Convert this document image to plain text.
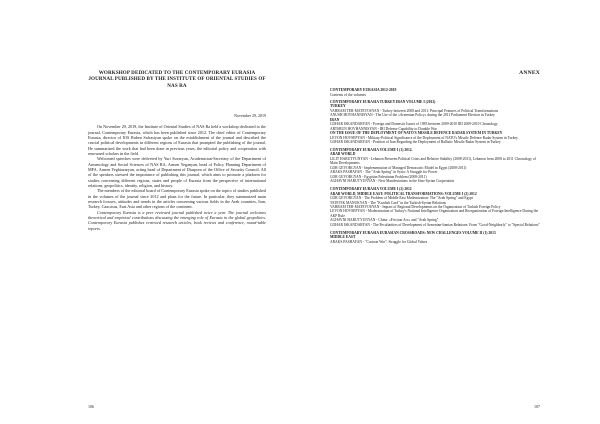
WORKSHOP DEDICATED TO THE CONTEMPORARY EURASIA JOURNAL PUBLISHED BY THE INSTITUTE OF ORIENTAL STUDIES OF NAS RA

November 29, 2019

On November 29, 2019, the Institute of Oriental Studies of NAS Ra held a workshop dedicated to the journal, Contemporary Eurasia, which has been published since 2012. The chief editor of Contemporary Eurasia, director of IOS Ruben Safrastyan spoke on the establishment of the journal and described the crucial political developments in different regions of Eurasia that prompted the publishing of the journal. He summarized the work that had been done in previous years, the editorial policy and cooperation with renowned scholars in the field.

Welcomed speeches were delivered by Yuri Suvaryan, Academician-Secretary of the Department of Armenology and Social Sciences of NAS RA, Armen Yeganyan, head of Policy Planning Department of MFA, Armen Yeghiazaryan, acting head of Department of Diaspora of the Office of Security Council. All of the speakers stressed the importance of publishing this journal, which aims to promote a platform for studies concerning different regions, states and people of Eurasia from the perspective of international relations, geopolitics, identity, religion, and history.

The members of the editorial board of Contemporary Eurasia spoke on the topics of studies published in the volumes of the journal since 2012 and plans for the future. In particular, they summarized main research focuses, attitudes and trends in the articles concerning various fields in the Arab countries, Iran, Turkey, Caucasus, East Asia and other regions of the continent.

Contemporary Eurasia is a peer reviewed journal published twice a year. The journal welcomes theoretical and empirical contributions discussing the emerging role of Eurasia in the global geopolitics. Contemporary Eurasia publishes reviewed research articles, book reviews and conference, round-table reports.

106
ANNEX

CONTEMPORARY EURASIA 2012-2019

Contents of the volumes

CONTEMPORARY EURASIA TURKEY IRAN VOLUME I (2012)

TURKEY

VAHRAM TER-MATEVOSYAN - Turkey between 2008 and 2011: Principal Features of Political Transformations

ANUSH HOVHANNISYAN - The Use of the «Armenian Policy» during the 2011 Parliament Election in Turkey

IRAN

GOHAR ISKANDARYAN - Foreign and Domestic Issues of 1983 between 2009-2010 IRI 2009-2010 Chronology

ARTSRUN HOVHANNISYAN - IRI Defense Capability to Durable War

ON THE ISSUE OF THE DEPLOYMENT OF NATO'S MISSILE DEFENCE RADAR SYSTEM IN TURKEY

LEVON HOVSEPYAN - Military-Political Significance of the Deployment of NATO's Missile Defence Radar System in Turkey

GOHAR ISKANDARYAN - Position of Iran Regarding the Deployment of Ballistic Missile Radar System in Turkey

CONTEMPORARY EURASIA VOLUME I (1) 2012.

ARAB WORLD

LILIT HARUTYUNYAN - Lebanon Between Political Crisis and Relative Stability (2008-2011), Lebanon from 2008 to 2011 Chronology of Main Developments

GOR GEVORGYAN - Implementation of Managed Democratic Model in Egypt (2008-2011)

ARAKS PASHAYAN - The "Arab Spring" in Syria: A Struggle for Power

GOR GEVORGYAN - Egyptian Palestinian Problem (2008-2011)

AGHAVNI HARUTYUNYAN - New Manifestations in the Sino-Syrian Cooperation

CONTEMPORARY EURASIA VOLUME I (2) 2012

ARAB WORLD, MIDDLE EAST: POLITICAL TRANSFORMATIONS: VOLUME I (2) 2012

GOR GEVORGYAN - The Problem of Middle East Modernization: The "Arab Spring" and Egypt

TATEVIK MANUKYAN - The "Kurdish Card" in the Turkish-Syrian Relations

VAHRAM TER-MATEVOSYAN - Impact of Regional Developments on the Organization of Turkish Foreign Policy

LEVON HOVSEPYAN - Modernization of Turkey's National Intelligence Organization and Reorganization of Foreign Intelligence During the AKP Rule

AGHAVNI HARUTYUNYAN - China: «Friction Arc» and "Arab Spring"

GOHAR ISKANDARYAN - The Peculiarities of Development of Armenian-Iranian Relations: From "Good-Neighborly" to "Special Relations"

CONTEMPORARY EURASIA EURASIAN CROSSROADS: NEW CHALLENGES VOLUME II (1) 2013

MIDDLE EAST

ARAKS PASHAYAN - "Cartoon War": Struggle for Global Values

107
